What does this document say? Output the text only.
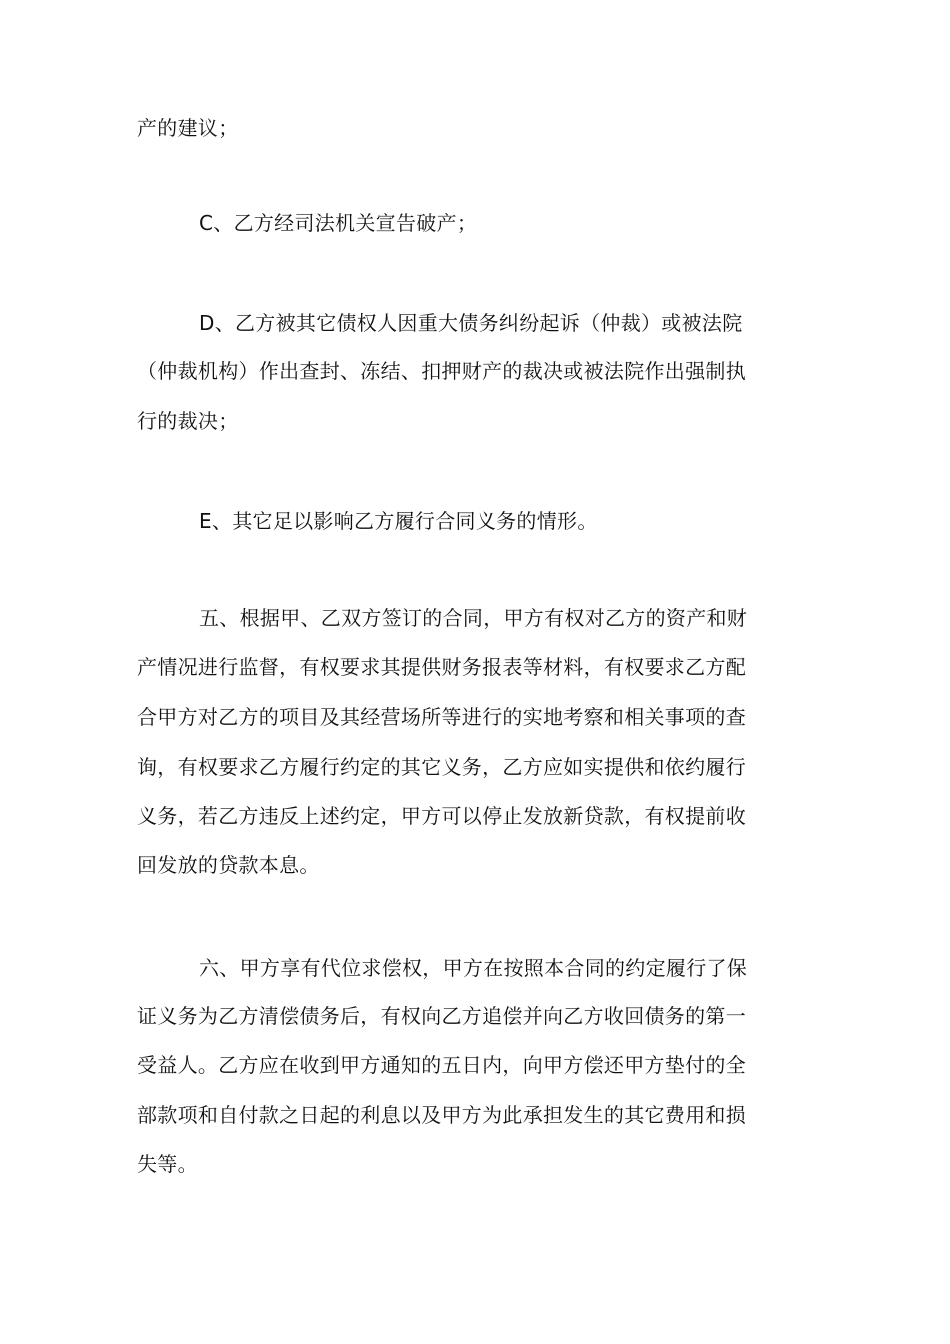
产的建议；
C、乙方经司法机关宣告破产；
D、乙方被其它债权人因重大债务纠纷起诉（仲裁）或被法院
（仲裁机构）作出查封、冻结、扣押财产的裁决或被法院作出强制执
行的裁决；
E、其它足以影响乙方履行合同义务的情形。
五、根据甲、乙双方签订的合同，甲方有权对乙方的资产和财
产情况进行监督，有权要求其提供财务报表等材料，有权要求乙方配
合甲方对乙方的项目及其经营场所等进行的实地考察和相关事项的查
询，有权要求乙方履行约定的其它义务，乙方应如实提供和依约履行
义务，若乙方违反上述约定，甲方可以停止发放新贷款，有权提前收
回发放的贷款本息。
六、甲方享有代位求偿权，甲方在按照本合同的约定履行了保
证义务为乙方清偿债务后，有权向乙方追偿并向乙方收回债务的第一
受益人。乙方应在收到甲方通知的五日内，向甲方偿还甲方垫付的全
部款项和自付款之日起的利息以及甲方为此承担发生的其它费用和损
失等。
